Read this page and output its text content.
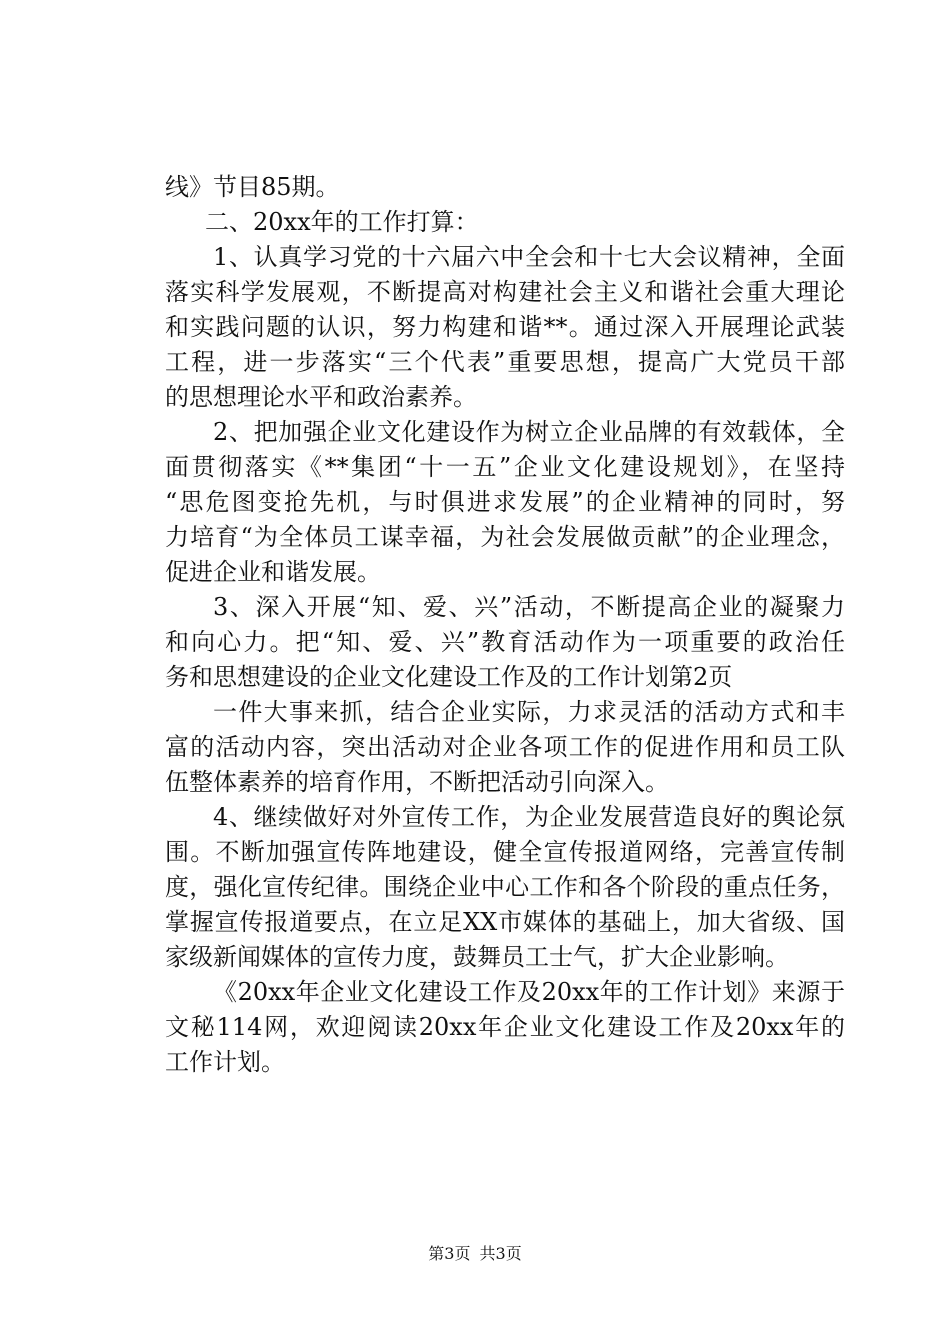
线》节目85期。
二、20xx年的工作打算：
1、认真学习党的十六届六中全会和十七大会议精神，全面
落实科学发展观，不断提高对构建社会主义和谐社会重大理论
和实践问题的认识，努力构建和谐**。通过深入开展理论武装
工程，进一步落实“三个代表”重要思想，提高广大党员干部
的思想理论水平和政治素养。
2、把加强企业文化建设作为树立企业品牌的有效载体，全
面贯彻落实《**集团“十一五”企业文化建设规划》，在坚持
“思危图变抢先机，与时俱进求发展”的企业精神的同时，努
力培育“为全体员工谋幸福，为社会发展做贡献”的企业理念，
促进企业和谐发展。
3、深入开展“知、爱、兴”活动，不断提高企业的凝聚力
和向心力。把“知、爱、兴”教育活动作为一项重要的政治任
务和思想建设的企业文化建设工作及的工作计划第2页
一件大事来抓，结合企业实际，力求灵活的活动方式和丰
富的活动内容，突出活动对企业各项工作的促进作用和员工队
伍整体素养的培育作用，不断把活动引向深入。
4、继续做好对外宣传工作，为企业发展营造良好的舆论氛
围。不断加强宣传阵地建设，健全宣传报道网络，完善宣传制
度，强化宣传纪律。围绕企业中心工作和各个阶段的重点任务，
掌握宣传报道要点，在立足XX市媒体的基础上，加大省级、国
家级新闻媒体的宣传力度，鼓舞员工士气，扩大企业影响。
《20xx年企业文化建设工作及20xx年的工作计划》来源于
文秘114网，欢迎阅读20xx年企业文化建设工作及20xx年的
工作计划。
第3页 共3页
